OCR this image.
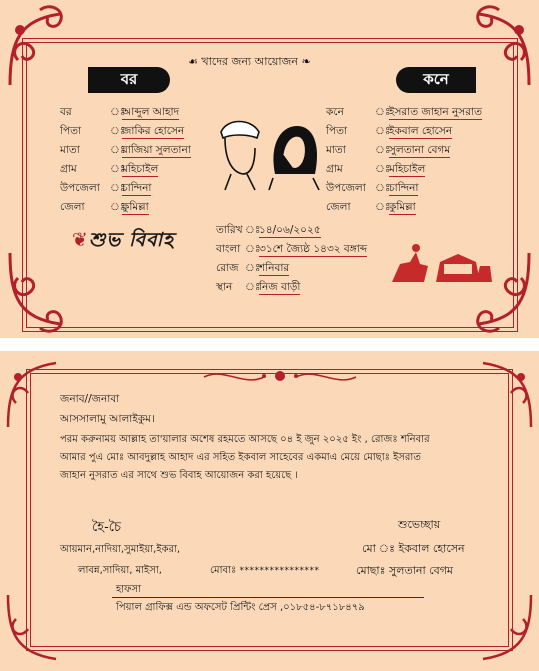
☙ খাদের জন্য আয়োজন ❧
বর	কনে
বর	ঃ
আব্দুল আহাদ
পিতা	ঃ
জাকির হোসেন
মাতা	ঃ
রাজিয়া সুলতানা
গ্রাম	ঃ
মহিচাইল
উপজেলা ঃ
চান্দিনা
জেলা ঃ
কুমিল্লা
কনে	ঃ
ইসরাত জাহান নুসরাত
পিতা	ঃ
ইকবাল হোসেন
মাতা	ঃ
সুলতানা বেগম
গ্রাম	ঃ
মহিচাইল
উপজেলা ঃ
চান্দিনা
জেলা ঃ
কুমিল্লা
❦শুভ বিবাহ	তারিখ ঃ
১৪/০৬/২০২৫
বাংলা ঃ
৩১শে জ্যৈষ্ঠ ১৪৩২ বঙ্গাব্দ
রোজ ঃ
শনিবার
স্থান ঃ
নিজ বাড়ী
জনাব//জনাবা
আসসালামু আলাইকুম।
পরম করুনাময় আল্লাহ তা'য়ালার অশেষ রহমতে আসছে ০৪ ই জুন ২০২৫ ইং , রোজঃ শনিবার
আমার পুএ মোঃ আবদুল্লাহ আহাদ এর সহিত ইকবাল সাহেবের একমাএ মেয়ে মোছাঃ ইসরাত
জাহান নুসরাত এর সাথে শুভ বিবাহ আয়োজন করা হয়েছে ।
হৈ-চৈ
আয়মান,নাদিয়া,সুমাইয়া,ইকরা,
লাবন্ন,সাদিয়া, মাইসা,
হাফসা
মোবাঃ ****************
শুভেচ্ছায়
মো ঃ ইকবাল হোসেন
মোছাঃ সুলতানা বেগম
পিয়াল গ্রাফিক্স এন্ড অফসেট প্রিন্টিং প্রেস ,০১৮৫৪-৮৭১৮৪৭৯
